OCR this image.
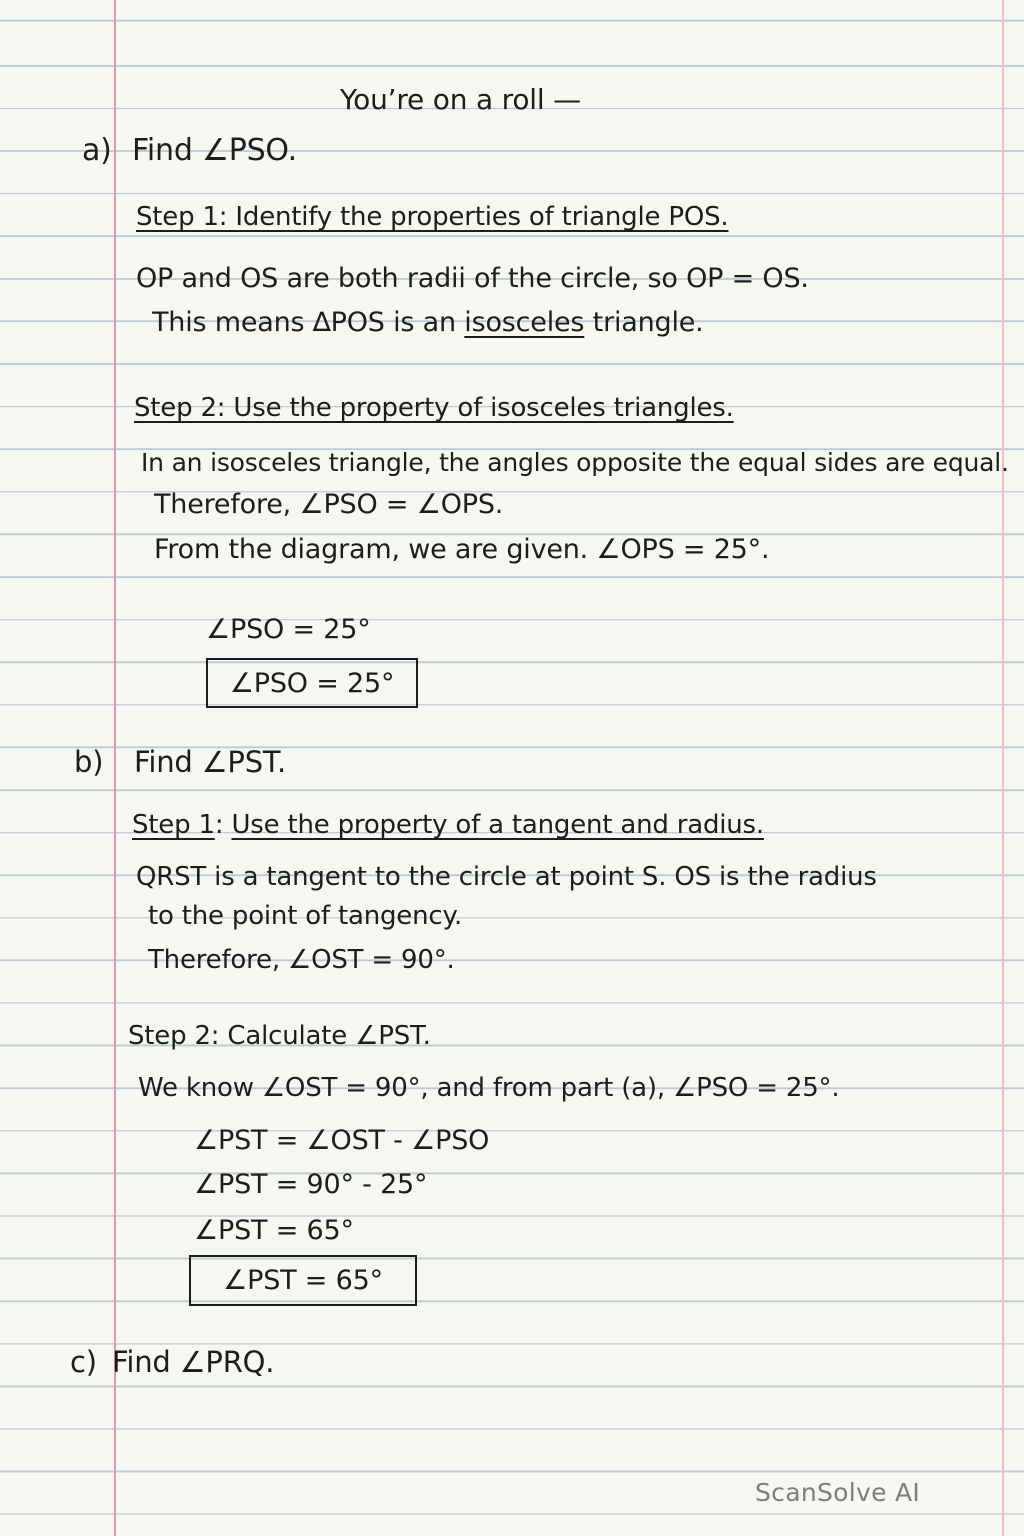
You’re on a roll —
a) Find ∠PSO.
Step 1: Identify the properties of triangle POS.
OP and OS are both radii of the circle, so OP = OS.
This means ∆POS is an isosceles triangle.
Step 2: Use the property of isosceles triangles.
In an isosceles triangle, the angles opposite the equal sides are equal.
Therefore, ∠PSO = ∠OPS.
From the diagram, we are given. ∠OPS = 25°.
∠PSO = 25°
∠PSO = 25°
b) Find ∠PST.
Step 1: Use the property of a tangent and radius.
QRST is a tangent to the circle at point S. OS is the radius
to the point of tangency.
Therefore, ∠OST = 90°.
Step 2: Calculate ∠PST.
We know ∠OST = 90°, and from part (a), ∠PSO = 25°.
∠PST = ∠OST - ∠PSO
∠PST = 90° - 25°
∠PST = 65°
∠PST = 65°
c) Find ∠PRQ.
ScanSolve AI
